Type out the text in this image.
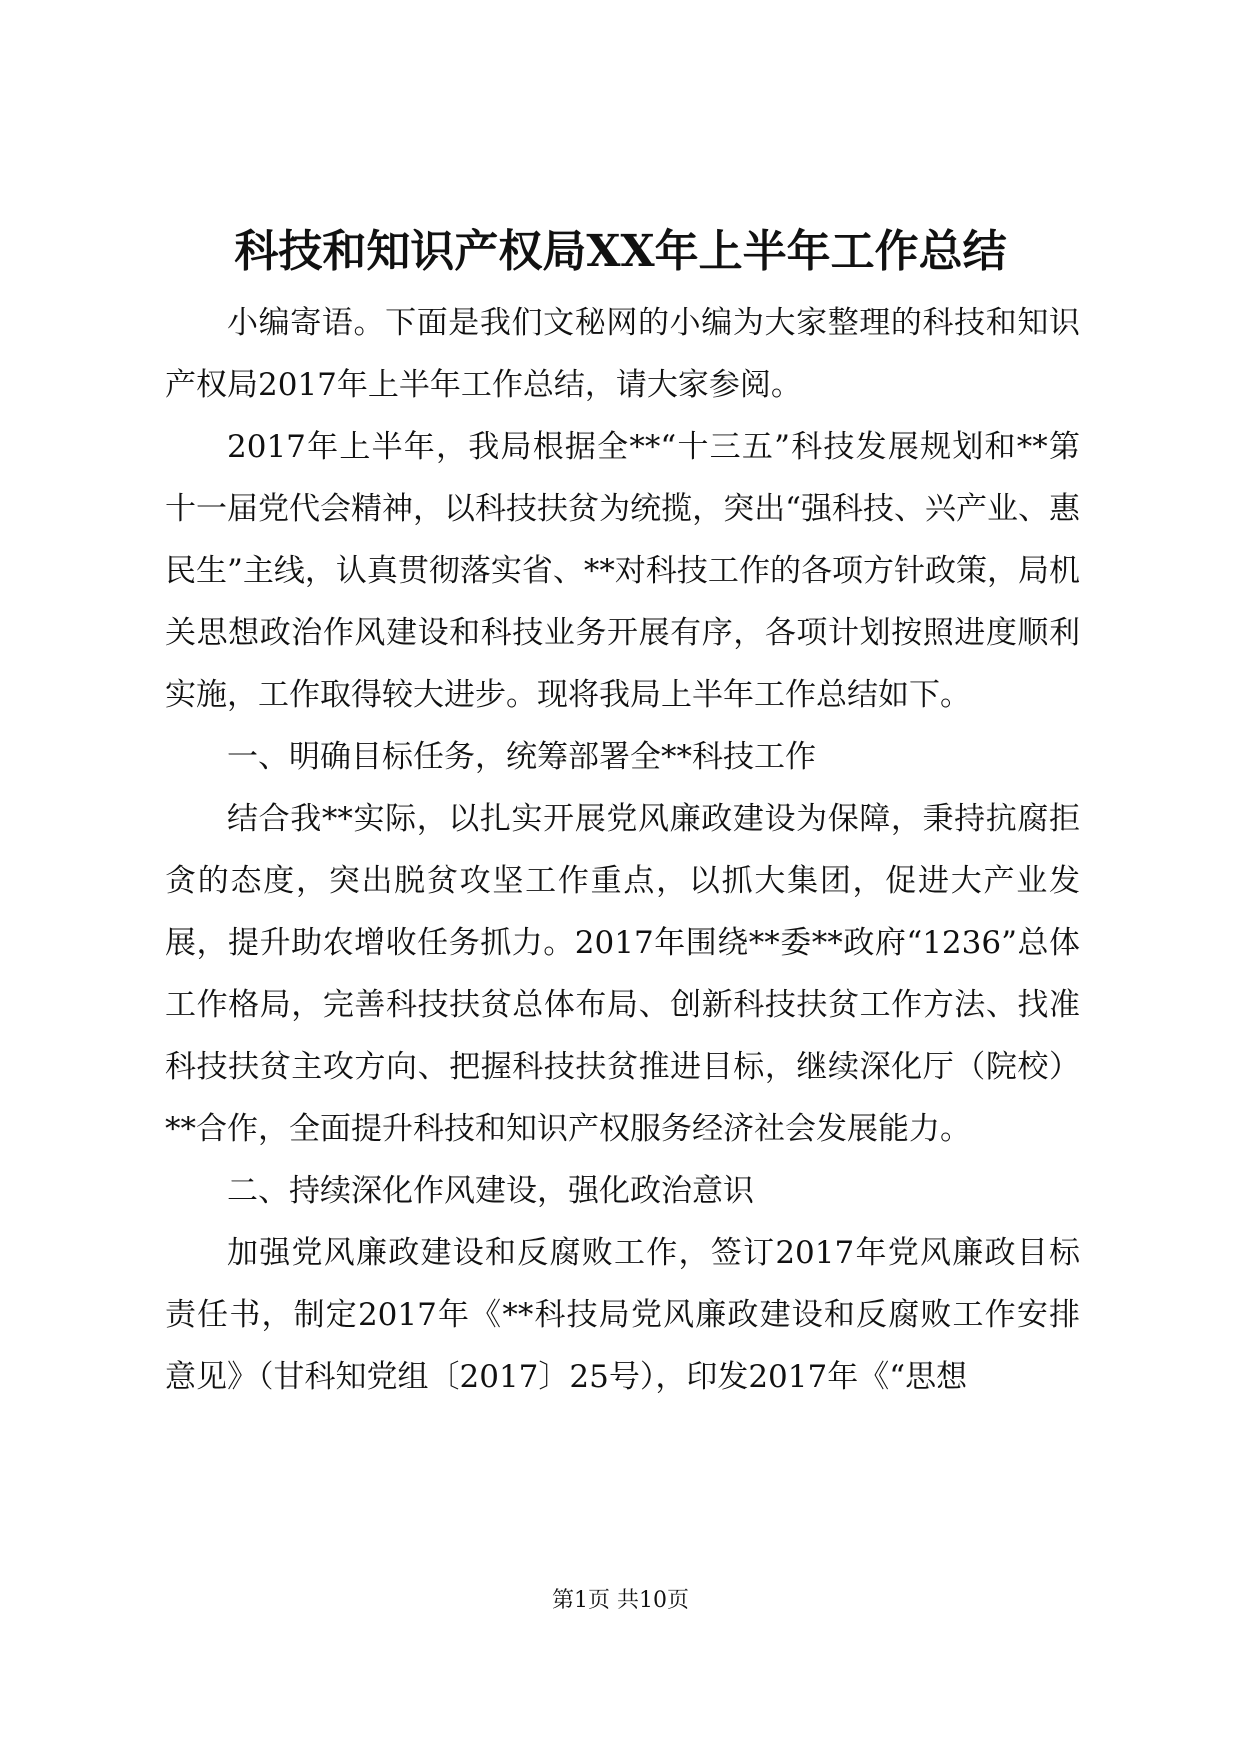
科技和知识产权局XX年上半年工作总结

小编寄语。下面是我们文秘网的小编为大家整理的科技和知识产权局2017年上半年工作总结，请大家参阅。

2017年上半年，我局根据全**“十三五”科技发展规划和**第十一届党代会精神，以科技扶贫为统揽，突出“强科技、兴产业、惠民生”主线，认真贯彻落实省、**对科技工作的各项方针政策，局机关思想政治作风建设和科技业务开展有序，各项计划按照进度顺利实施，工作取得较大进步。现将我局上半年工作总结如下。

一、明确目标任务，统筹部署全**科技工作

结合我**实际，以扎实开展党风廉政建设为保障，秉持抗腐拒贪的态度，突出脱贫攻坚工作重点，以抓大集团，促进大产业发展，提升助农增收任务抓力。2017年围绕**委**政府“1236”总体工作格局，完善科技扶贫总体布局、创新科技扶贫工作方法、找准科技扶贫主攻方向、把握科技扶贫推进目标，继续深化厅（院校）**合作，全面提升科技和知识产权服务经济社会发展能力。

二、持续深化作风建设，强化政治意识

加强党风廉政建设和反腐败工作，签订2017年党风廉政目标责任书，制定2017年《**科技局党风廉政建设和反腐败工作安排意见》（甘科知党组〔2017〕25号），印发2017年《“思想

第1页 共10页
